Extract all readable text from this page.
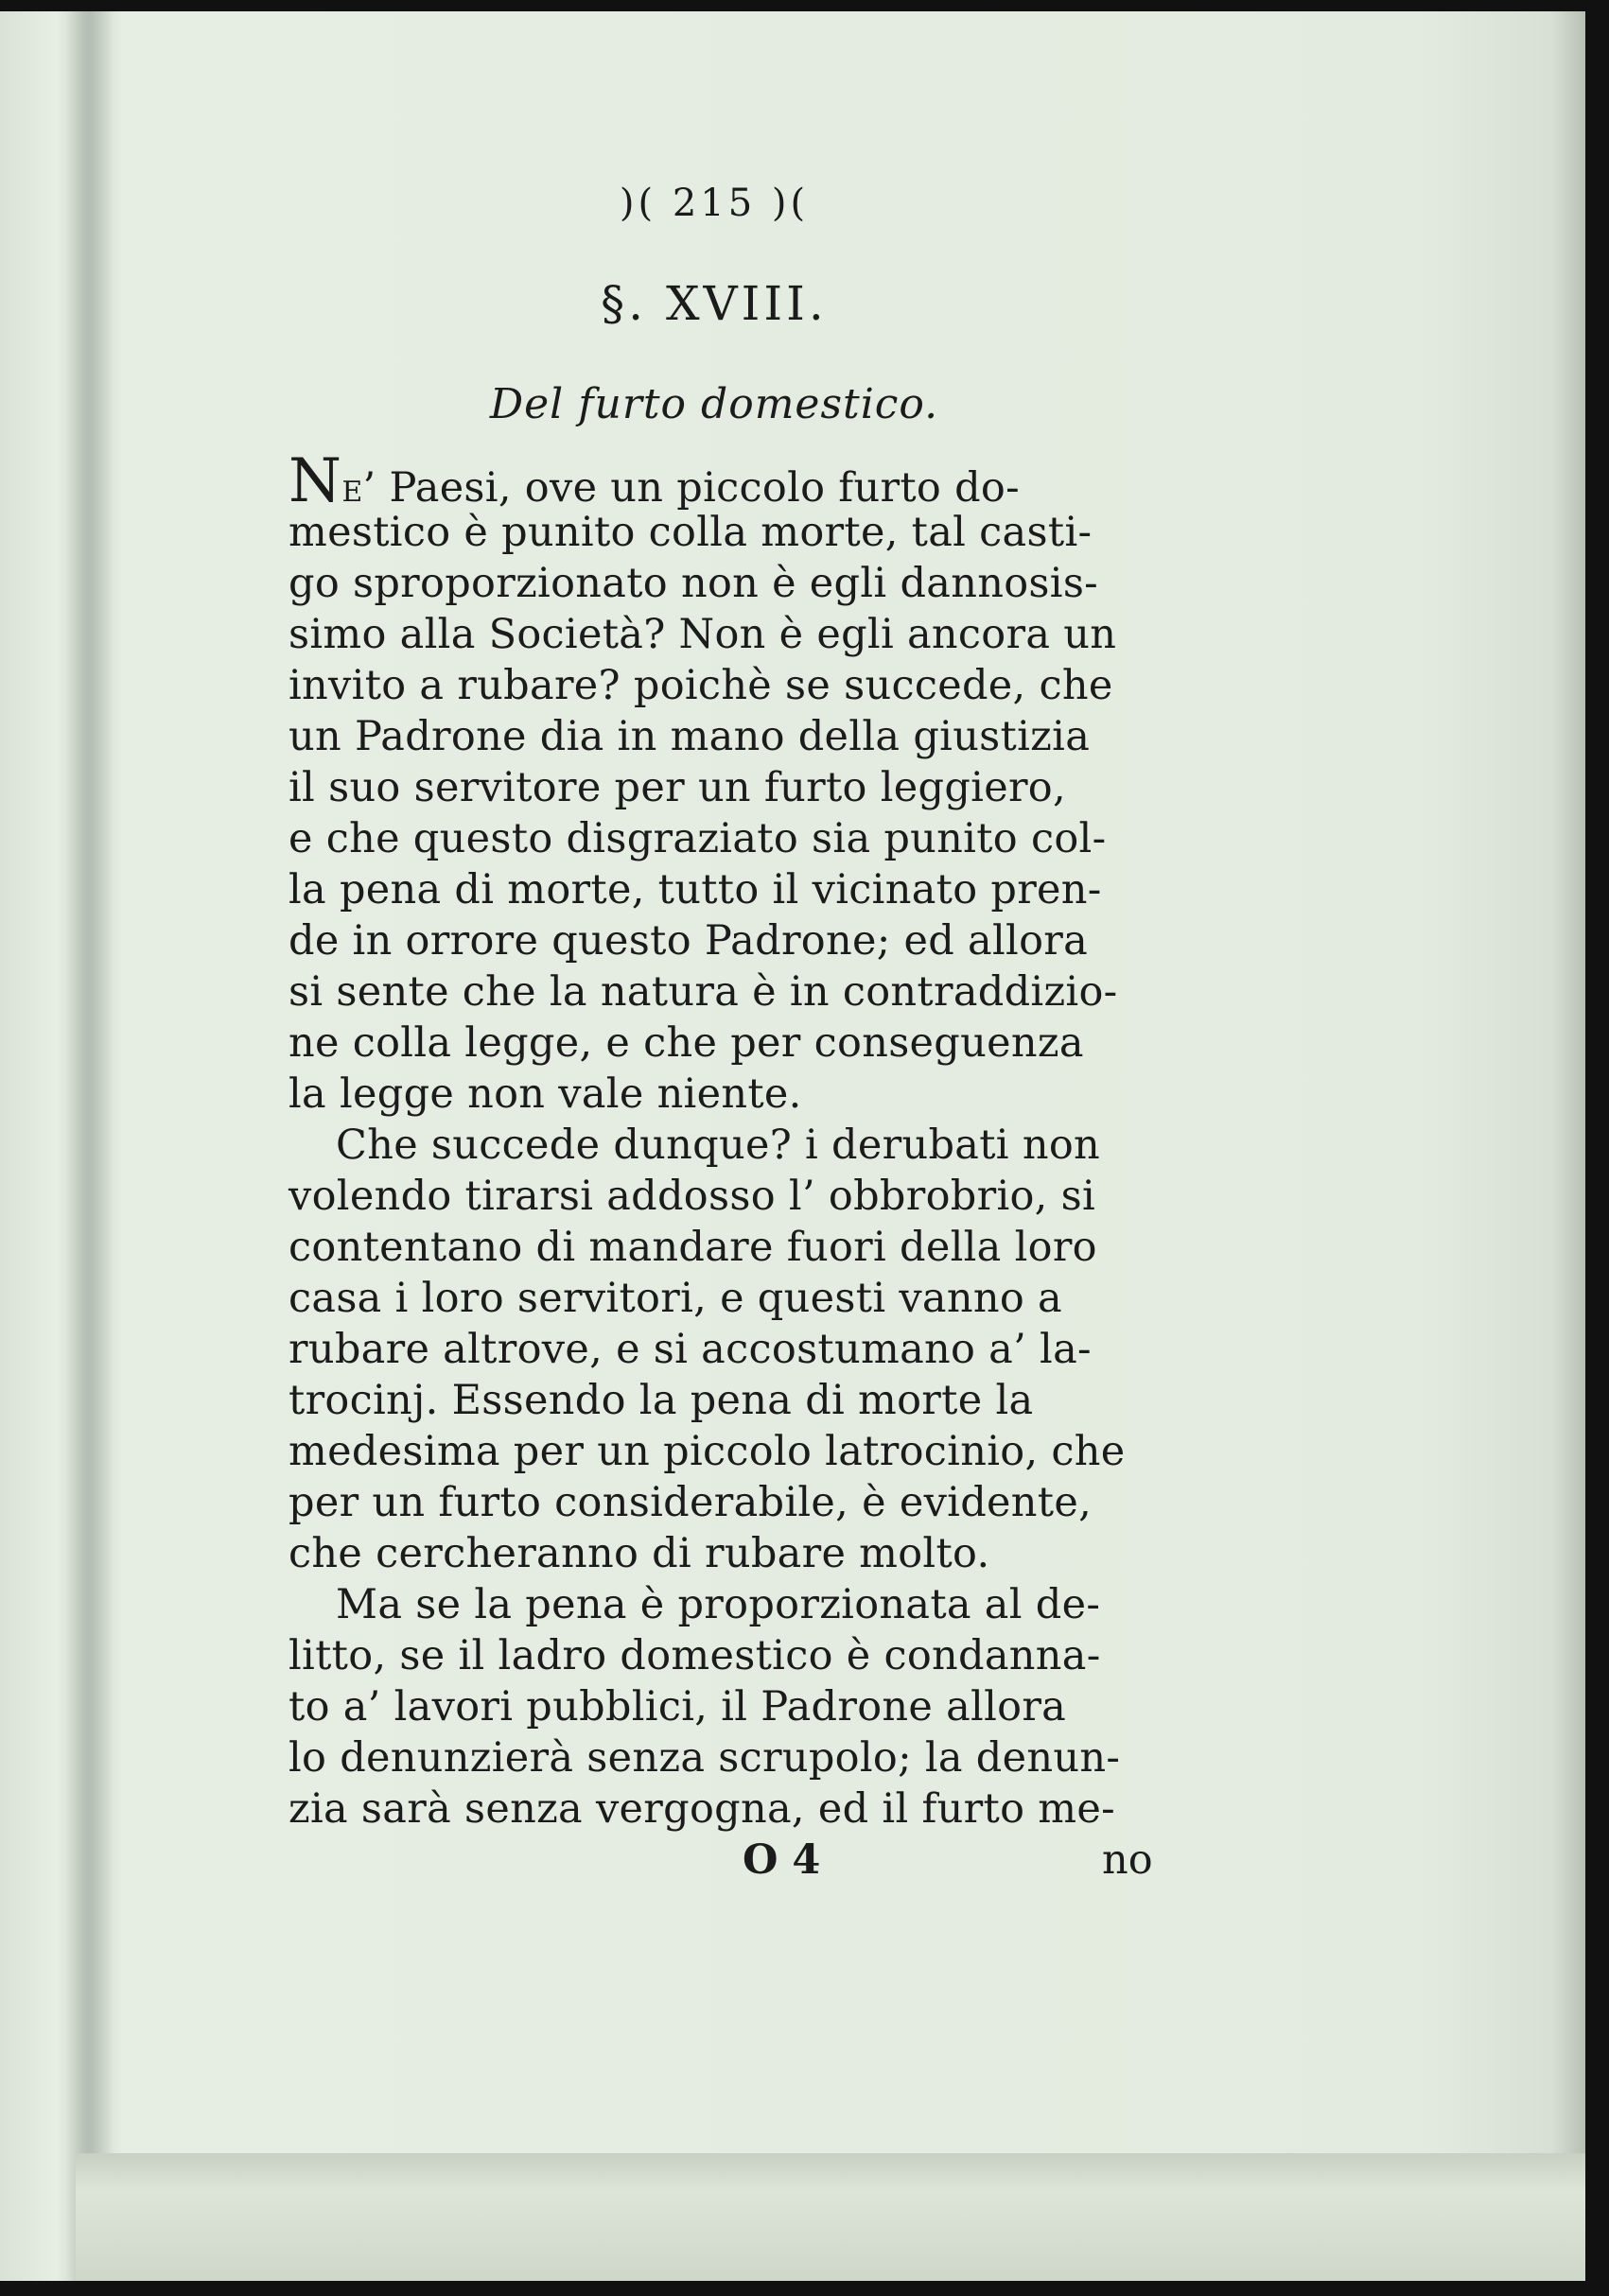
)( 215 )(
§. XVIII.
Del furto domestico.
NE’ Paesi, ove un piccolo furto do-
mestico è punito colla morte, tal casti-
go sproporzionato non è egli dannosis-
simo alla Società? Non è egli ancora un
invito a rubare? poichè se succede, che
un Padrone dia in mano della giustizia
il suo servitore per un furto leggiero,
e che questo disgraziato sia punito col-
la pena di morte, tutto il vicinato pren-
de in orrore questo Padrone; ed allora
si sente che la natura è in contraddizio-
ne colla legge, e che per conseguenza
la legge non vale niente.
Che succede dunque? i derubati non
volendo tirarsi addosso l’ obbrobrio, si
contentano di mandare fuori della loro
casa i loro servitori, e questi vanno a
rubare altrove, e si accostumano a’ la-
trocinj. Essendo la pena di morte la
medesima per un piccolo latrocinio, che
per un furto considerabile, è evidente,
che cercheranno di rubare molto.
Ma se la pena è proporzionata al de-
litto, se il ladro domestico è condanna-
to a’ lavori pubblici, il Padrone allora
lo denunzierà senza scrupolo; la denun-
zia sarà senza vergogna, ed il furto me-
O 4	no
